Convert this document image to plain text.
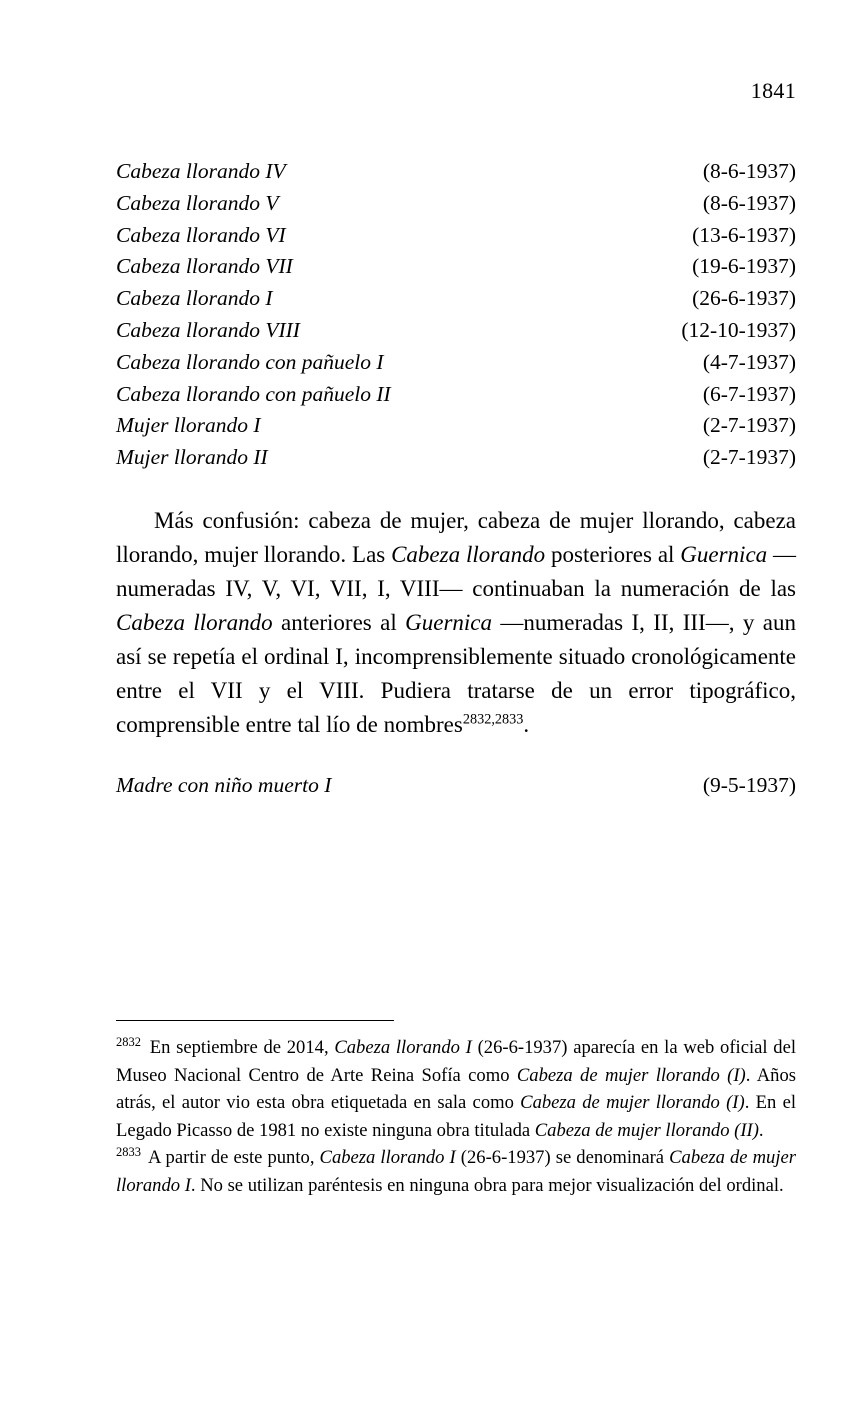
1841
Cabeza llorando IV	(8-6-1937)
Cabeza llorando V	(8-6-1937)
Cabeza llorando VI	(13-6-1937)
Cabeza llorando VII	(19-6-1937)
Cabeza llorando I	(26-6-1937)
Cabeza llorando VIII	(12-10-1937)
Cabeza llorando con pañuelo I	(4-7-1937)
Cabeza llorando con pañuelo II	(6-7-1937)
Mujer llorando I	(2-7-1937)
Mujer llorando II	(2-7-1937)

Más confusión: cabeza de mujer, cabeza de mujer llorando, cabeza llorando, mujer llorando. Las Cabeza llorando posteriores al Guernica —numeradas IV, V, VI, VII, I, VIII— continuaban la numeración de las Cabeza llorando anteriores al Guernica —numeradas I, II, III—, y aun así se repetía el ordinal I, incomprensiblemente situado cronológicamente entre el VII y el VIII. Pudiera tratarse de un error tipográfico, comprensible entre tal lío de nombres$^{2832,2833}$.

Madre con niño muerto I	(9-5-1937)

$^{2832}$ En septiembre de 2014, Cabeza llorando I (26-6-1937) aparecía en la web oficial del Museo Nacional Centro de Arte Reina Sofía como Cabeza de mujer llorando (I). Años atrás, el autor vio esta obra etiquetada en sala como Cabeza de mujer llorando (I). En el Legado Picasso de 1981 no existe ninguna obra titulada Cabeza de mujer llorando (II).

$^{2833}$ A partir de este punto, Cabeza llorando I (26-6-1937) se denominará Cabeza de mujer llorando I. No se utilizan paréntesis en ninguna obra para mejor visualización del ordinal.
